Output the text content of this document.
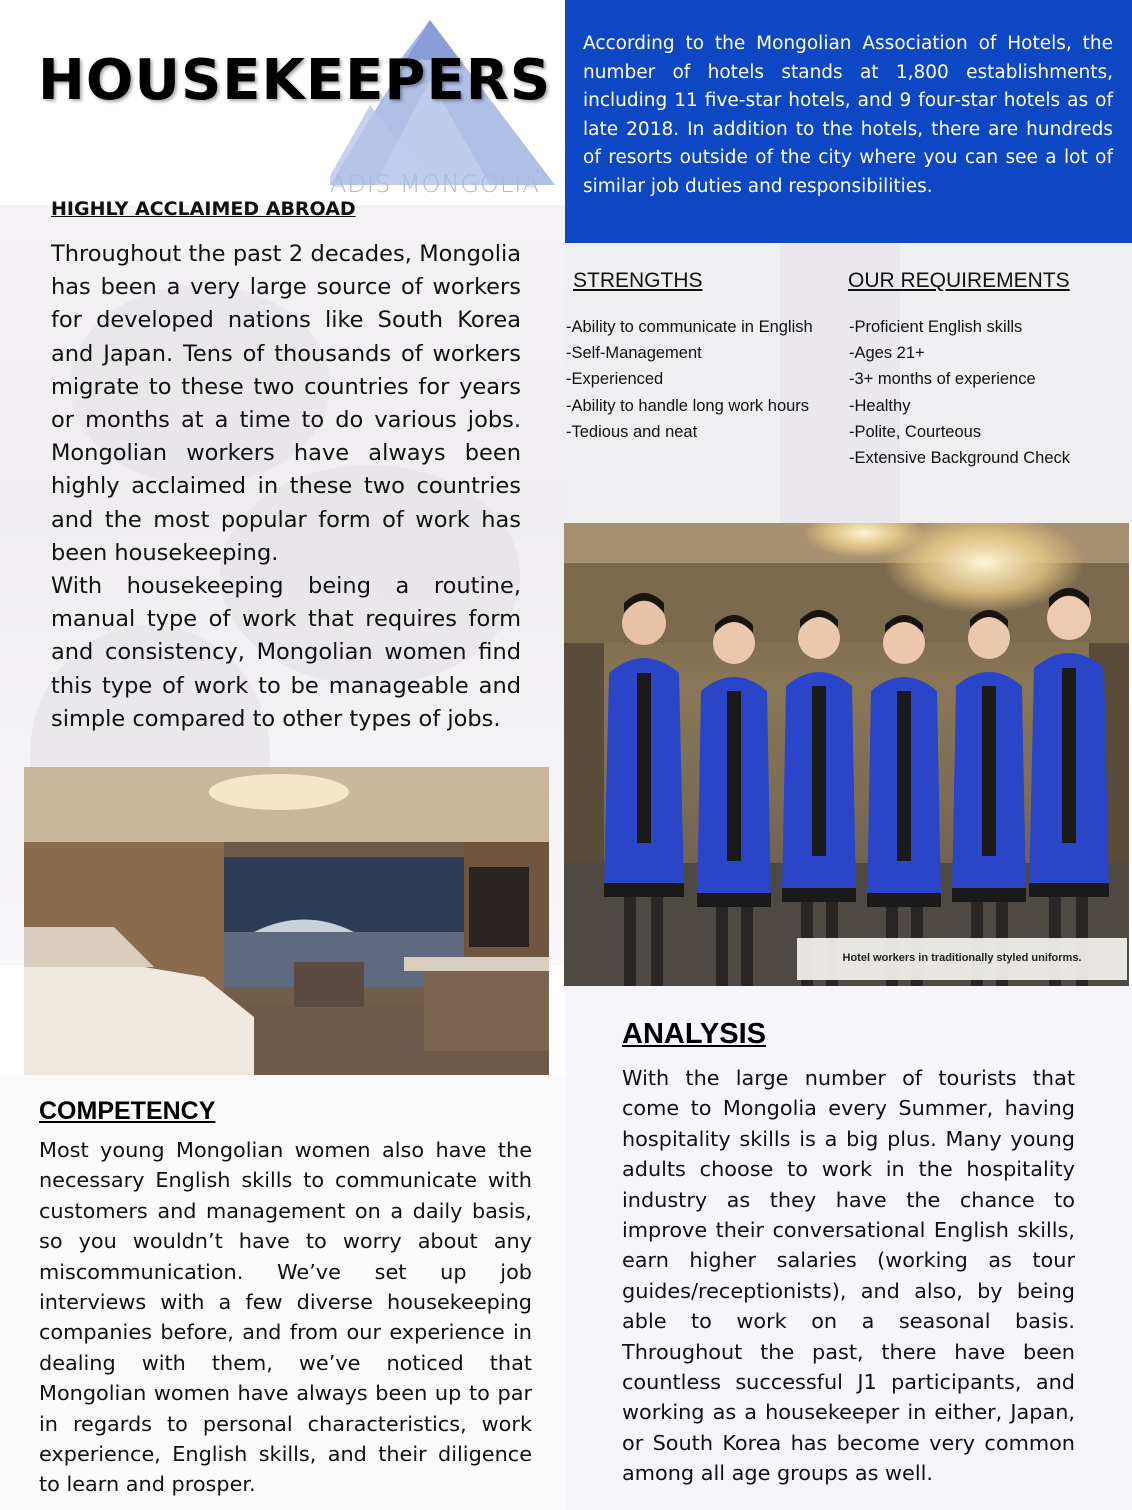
ADIS MONGOLIA
HOUSEKEEPERS
According to the Mongolian Association of Hotels, the number of hotels stands at 1,800 establishments, including 11 five-star hotels, and 9 four-star hotels as of late 2018. In addition to the hotels, there are hundreds of resorts outside of the city where you can see a lot of similar job duties and responsibilities.
HIGHLY ACCLAIMED ABROAD

Throughout the past 2 decades, Mongolia has been a very large source of workers for developed nations like South Korea and Japan. Tens of thousands of workers migrate to these two countries for years or months at a time to do various jobs. Mongolian workers have always been highly acclaimed in these two countries and the most popular form of work has been housekeeping.

With housekeeping being a routine, manual type of work that requires form and consistency, Mongolian women find this type of work to be manageable and simple compared to other types of jobs.

STRENGTHS
-Ability to communicate in English
-Self-Management
-Experienced
-Ability to handle long work hours
-Tedious and neat
OUR REQUIREMENTS
-Proficient English skills
-Ages 21+
-3+ months of experience
-Healthy
-Polite, Courteous
-Extensive Background Check
Hotel workers in traditionally styled uniforms.
COMPETENCY
Most young Mongolian women also have the necessary English skills to communicate with customers and management on a daily basis, so you wouldn’t have to worry about any miscommunication. We’ve set up job interviews with a few diverse housekeeping companies before, and from our experience in dealing with them, we’ve noticed that Mongolian women have always been up to par in regards to personal characteristics, work experience, English skills, and their diligence to learn and prosper.
ANALYSIS
With the large number of tourists that come to Mongolia every Summer, having hospitality skills is a big plus. Many young adults choose to work in the hospitality industry as they have the chance to improve their conversational English skills, earn higher salaries (working as tour guides/receptionists), and also, by being able to work on a seasonal basis. Throughout the past, there have been countless successful J1 participants, and working as a housekeeper in either, Japan, or South Korea has become very common among all age groups as well.
